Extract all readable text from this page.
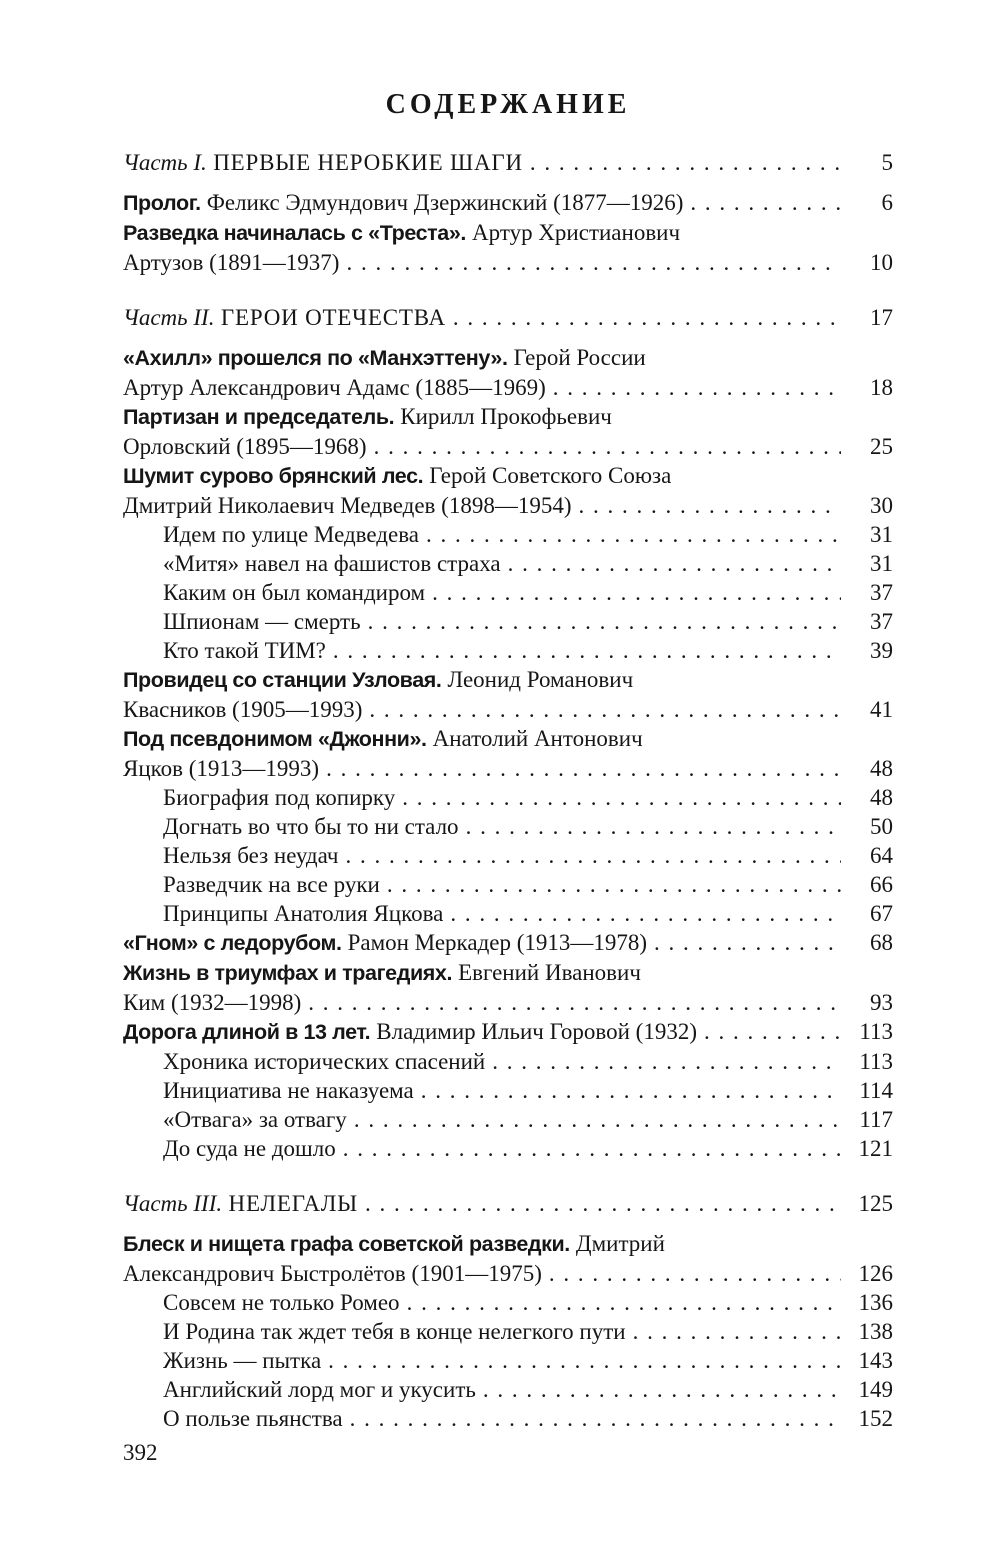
СОДЕРЖАНИЕ
Часть I. ПЕРВЫЕ НЕРОБКИЕ ШАГИ . . .	5
Пролог. Феликс Эдмундович Дзержинский (1877—1926) . . .	6
Разведка начиналась с «Треста». Артур Христианович
Артузов (1891—1937) . . .	10
Часть II. ГЕРОИ ОТЕЧЕСТВА . . .	17
«Ахилл» прошелся по «Манхэттену». Герой России
Артур Александрович Адамс (1885—1969) . . .	18
Партизан и председатель. Кирилл Прокофьевич
Орловский (1895—1968) . . .	25
Шумит сурово брянский лес. Герой Советского Союза
Дмитрий Николаевич Медведев (1898—1954) . . .	30
Идем по улице Медведева . . .	31
«Митя» навел на фашистов страха . . .	31
Каким он был командиром . . .	37
Шпионам — смерть . . .	37
Кто такой ТИМ? . . .	39
Провидец со станции Узловая. Леонид Романович
Квасников (1905—1993) . . .	41
Под псевдонимом «Джонни». Анатолий Антонович
Яцков (1913—1993) . . .	48
Биография под копирку . . .	48
Догнать во что бы то ни стало . . .	50
Нельзя без неудач . . .	64
Разведчик на все руки . . .	66
Принципы Анатолия Яцкова . . .	67
«Гном» с ледорубом. Рамон Меркадер (1913—1978) . . .	68
Жизнь в триумфах и трагедиях. Евгений Иванович
Ким (1932—1998) . . .	93
Дорога длиной в 13 лет. Владимир Ильич Горовой (1932) . . .	113
Хроника исторических спасений . . .	113
Инициатива не наказуема . . .	114
«Отвага» за отвагу . . .	117
До суда не дошло . . .	121
Часть III. НЕЛЕГАЛЫ . . .	125
Блеск и нищета графа советской разведки. Дмитрий
Александрович Быстролётов (1901—1975) . . .	126
Совсем не только Ромео . . .	136
И Родина так ждет тебя в конце нелегкого пути . . .	138
Жизнь — пытка . . .	143
Английский лорд мог и укусить . . .	149
О пользе пьянства . . .	152
392
